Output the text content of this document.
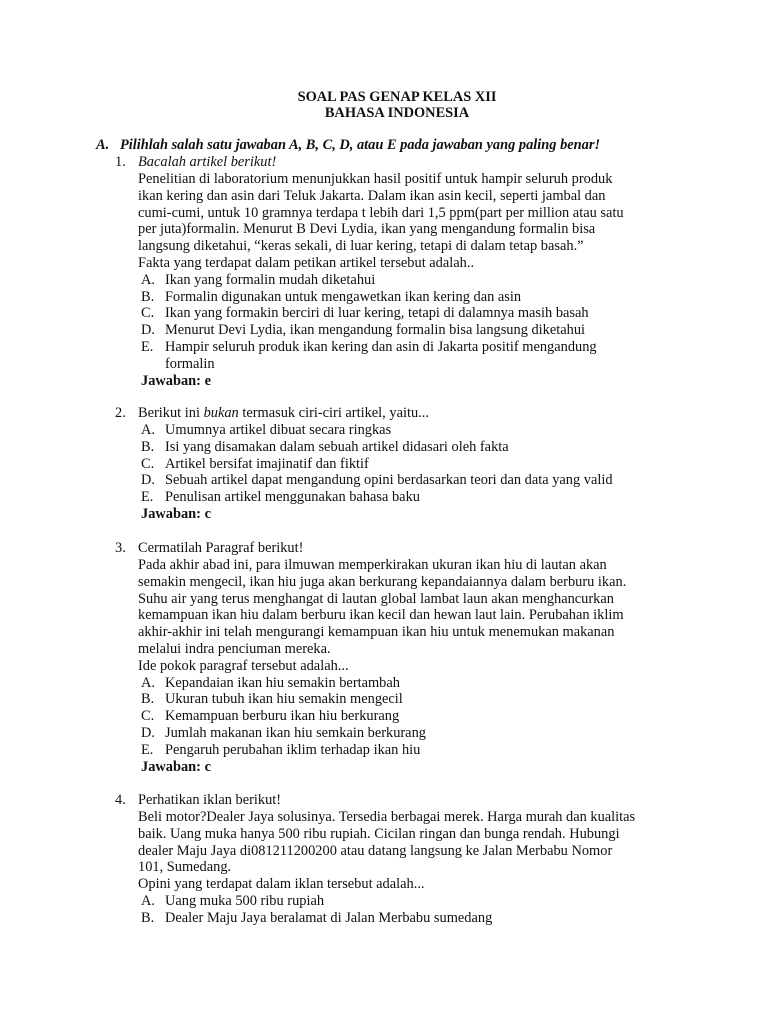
SOAL PAS GENAP KELAS XII
BAHASA INDONESIA
A. Pilihlah salah satu jawaban A, B, C, D, atau E pada jawaban yang paling benar!
1. Bacalah artikel berikut!

Penelitian di laboratorium menunjukkan hasil positif untuk hampir seluruh produk
ikan kering dan asin dari Teluk Jakarta. Dalam ikan asin kecil, seperti jambal dan
cumi-cumi, untuk 10 gramnya terdapa t lebih dari 1,5 ppm(part per million atau satu
per juta)formalin. Menurut B Devi Lydia, ikan yang mengandung formalin bisa
langsung diketahui, “keras sekali, di luar kering, tetapi di dalam tetap basah.”
Fakta yang terdapat dalam petikan artikel tersebut adalah..

A. Ikan yang formalin mudah diketahui
B. Formalin digunakan untuk mengawetkan ikan kering dan asin
C. Ikan yang formakin berciri di luar kering, tetapi di dalamnya masih basah
D. Menurut Devi Lydia, ikan mengandung formalin bisa langsung diketahui
E. Hampir seluruh produk ikan kering dan asin di Jakarta positif mengandung
formalin
Jawaban: e
2. Berikut ini bukan termasuk ciri-ciri artikel, yaitu...
A. Umumnya artikel dibuat secara ringkas
B. Isi yang disamakan dalam sebuah artikel didasari oleh fakta
C. Artikel bersifat imajinatif dan fiktif
D. Sebuah artikel dapat mengandung opini berdasarkan teori dan data yang valid
E. Penulisan artikel menggunakan bahasa baku
Jawaban: c
3. Cermatilah Paragraf berikut!

Pada akhir abad ini, para ilmuwan memperkirakan ukuran ikan hiu di lautan akan
semakin mengecil, ikan hiu juga akan berkurang kepandaiannya dalam berburu ikan.
Suhu air yang terus menghangat di lautan global lambat laun akan menghancurkan
kemampuan ikan hiu dalam berburu ikan kecil dan hewan laut lain. Perubahan iklim
akhir-akhir ini telah mengurangi kemampuan ikan hiu untuk menemukan makanan
melalui indra penciuman mereka.
Ide pokok paragraf tersebut adalah...

A. Kepandaian ikan hiu semakin bertambah
B. Ukuran tubuh ikan hiu semakin mengecil
C. Kemampuan berburu ikan hiu berkurang
D. Jumlah makanan ikan hiu semkain berkurang
E. Pengaruh perubahan iklim terhadap ikan hiu
Jawaban: c
4. Perhatikan iklan berikut!

Beli motor?Dealer Jaya solusinya. Tersedia berbagai merek. Harga murah dan kualitas
baik. Uang muka hanya 500 ribu rupiah. Cicilan ringan dan bunga rendah. Hubungi
dealer Maju Jaya di081211200200 atau datang langsung ke Jalan Merbabu Nomor
101, Sumedang.
Opini yang terdapat dalam iklan tersebut adalah...

A. Uang muka 500 ribu rupiah
B. Dealer Maju Jaya beralamat di Jalan Merbabu sumedang
